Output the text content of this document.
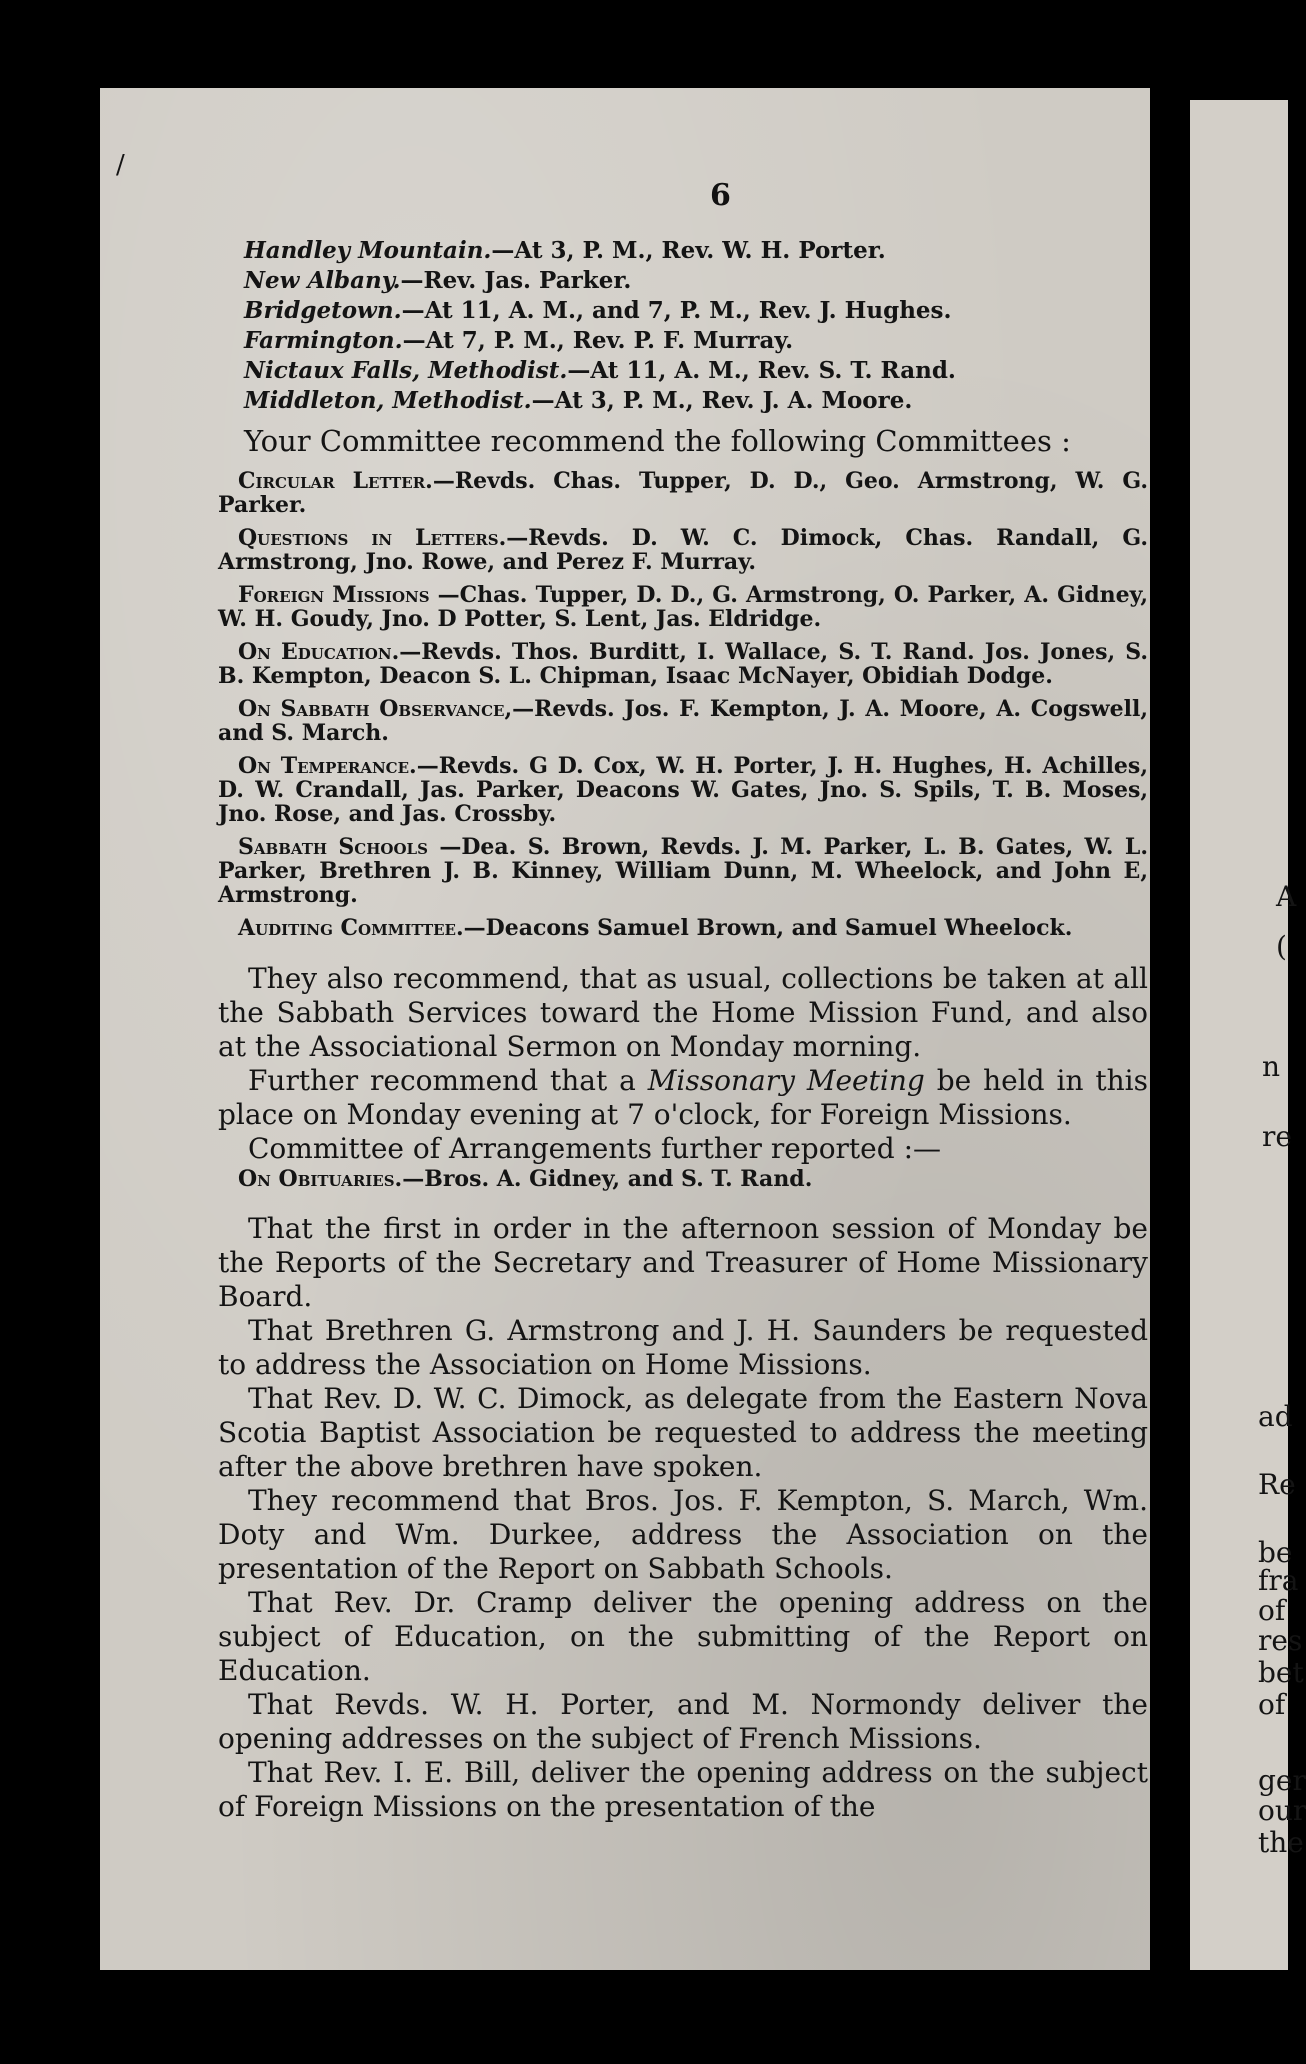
6
/
Handley Mountain.—At 3, P. M., Rev. W. H. Porter.
New Albany.—Rev. Jas. Parker.
Bridgetown.—At 11, A. M., and 7, P. M., Rev. J. Hughes.
Farmington.—At 7, P. M., Rev. P. F. Murray.
Nictaux Falls, Methodist.—At 11, A. M., Rev. S. T. Rand.
Middleton, Methodist.—At 3, P. M., Rev. J. A. Moore.
Your Committee recommend the following Committees :
Circular Letter.—Revds. Chas. Tupper, D. D., Geo. Armstrong, W. G. Parker.
Questions in Letters.—Revds. D. W. C. Dimock, Chas. Randall, G. Armstrong, Jno. Rowe, and Perez F. Murray.
Foreign Missions —Chas. Tupper, D. D., G. Armstrong, O. Parker, A. Gidney, W. H. Goudy, Jno. D Potter, S. Lent, Jas. Eldridge.
On Education.—Revds. Thos. Burditt, I. Wallace, S. T. Rand. Jos. Jones, S. B. Kempton, Deacon S. L. Chipman, Isaac McNayer, Obidiah Dodge.
On Sabbath Observance,—Revds. Jos. F. Kempton, J. A. Moore, A. Cogswell, and S. March.
On Temperance.—Revds. G D. Cox, W. H. Porter, J. H. Hughes, H. Achilles, D. W. Crandall, Jas. Parker, Deacons W. Gates, Jno. S. Spils, T. B. Moses, Jno. Rose, and Jas. Crossby.
Sabbath Schools —Dea. S. Brown, Revds. J. M. Parker, L. B. Gates, W. L. Parker, Brethren J. B. Kinney, William Dunn, M. Wheelock, and John E, Armstrong.
Auditing Committee.—Deacons Samuel Brown, and Samuel Wheelock.
They also recommend, that as usual, collections be taken at all the Sabbath Services toward the Home Mission Fund, and also at the Associational Sermon on Monday morning.
Further recommend that a Missonary Meeting be held in this place on Monday evening at 7 o'clock, for Foreign Missions.
Committee of Arrangements further reported :—
On Obituaries.—Bros. A. Gidney, and S. T. Rand.
That the first in order in the afternoon session of Monday be the Reports of the Secretary and Treasurer of Home Missionary Board.
That Brethren G. Armstrong and J. H. Saunders be requested to address the Association on Home Missions.
That Rev. D. W. C. Dimock, as delegate from the Eastern Nova Scotia Baptist Association be requested to address the meeting after the above brethren have spoken.
They recommend that Bros. Jos. F. Kempton, S. March, Wm. Doty and Wm. Durkee, address the Association on the presentation of the Report on Sabbath Schools.
That Rev. Dr. Cramp deliver the opening address on the subject of Education, on the submitting of the Report on Education.
That Revds. W. H. Porter, and M. Normondy deliver the opening addresses on the subject of French Missions.
That Rev. I. E. Bill, deliver the opening address on the subject of Foreign Missions on the presentation of the
A
(
n
re
ad
Re
be
fra
of
res
bet
of
ger
our
the
